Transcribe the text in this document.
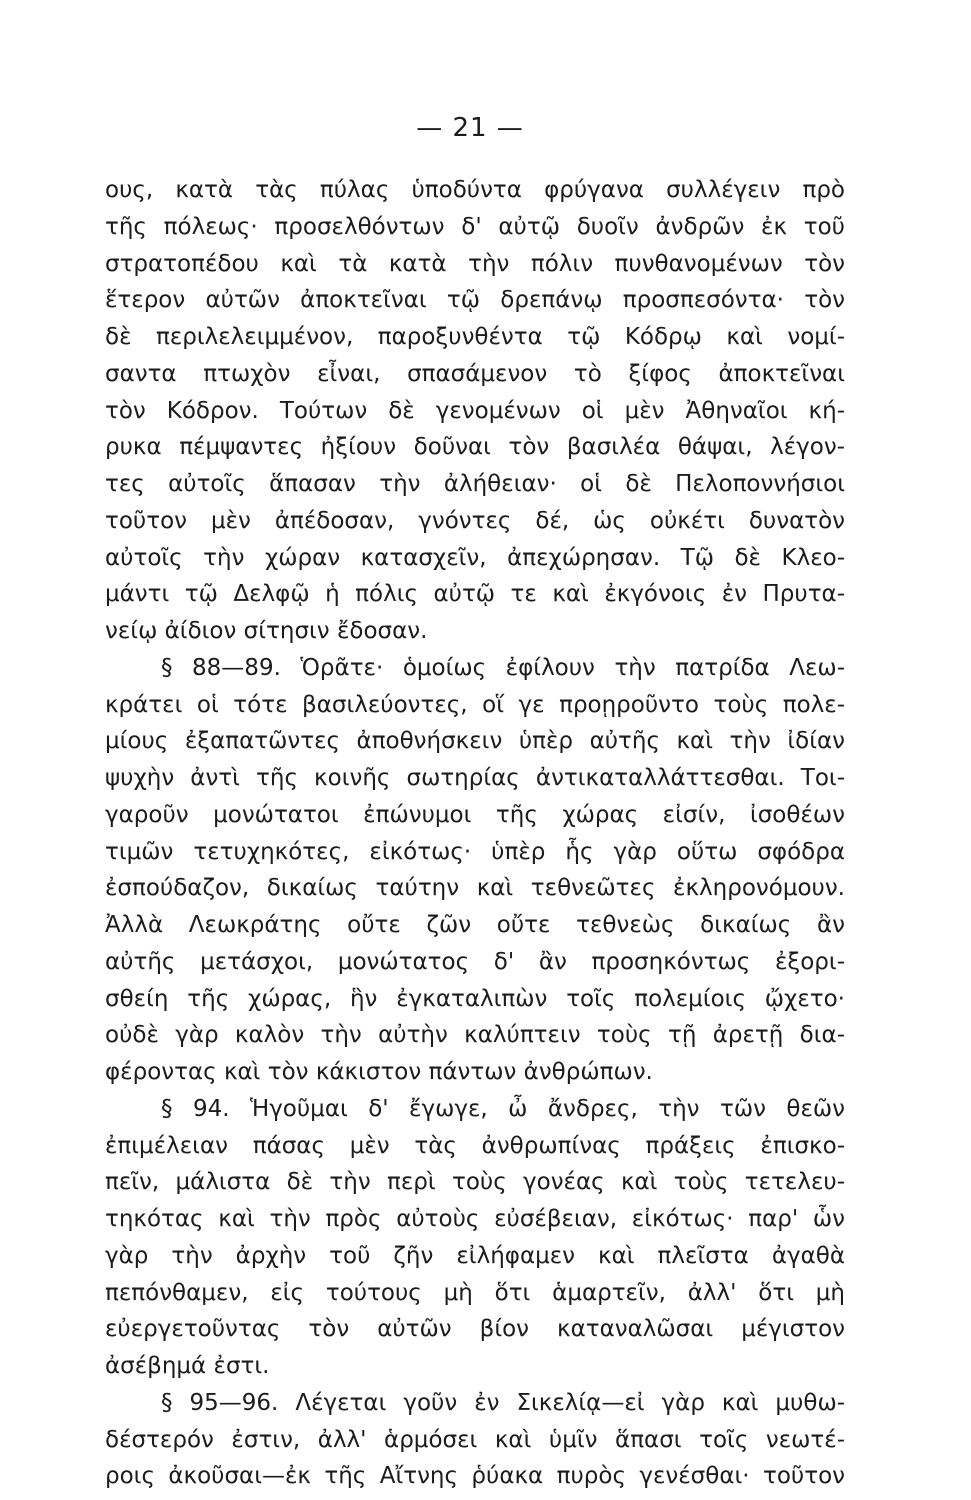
— 21 —
ους, κατὰ τὰς πύλας ὑποδύντα φρύγανα συλλέγειν πρὸ
τῆς πόλεως· προσελθόντων δ' αὐτῷ δυοῖν ἀνδρῶν ἐκ τοῦ
στρατοπέδου καὶ τὰ κατὰ τὴν πόλιν πυνθανομένων τὸν
ἕτερον αὐτῶν ἀποκτεῖναι τῷ δρεπάνῳ προσπεσόντα· τὸν
δὲ περιλελειμμένον, παροξυνθέντα τῷ Κόδρῳ καὶ νομί-
σαντα πτωχὸν εἶναι, σπασάμενον τὸ ξίφος ἀποκτεῖναι
τὸν Κόδρον. Τούτων δὲ γενομένων οἱ μὲν Ἀθηναῖοι κή-
ρυκα πέμψαντες ἠξίουν δοῦναι τὸν βασιλέα θάψαι, λέγον-
τες αὐτοῖς ἅπασαν τὴν ἀλήθειαν· οἱ δὲ Πελοποννήσιοι
τοῦτον μὲν ἀπέδοσαν, γνόντες δέ, ὡς οὐκέτι δυνατὸν
αὐτοῖς τὴν χώραν κατασχεῖν, ἀπεχώρησαν. Τῷ δὲ Κλεο-
μάντι τῷ Δελφῷ ἡ πόλις αὐτῷ τε καὶ ἐκγόνοις ἐν Πρυτα-
νείῳ ἀίδιον σίτησιν ἔδοσαν.
§ 88—89. Ὁρᾶτε· ὁμοίως ἐφίλουν τὴν πατρίδα Λεω-
κράτει οἱ τότε βασιλεύοντες, οἵ γε προῃροῦντο τοὺς πολε-
μίους ἐξαπατῶντες ἀποθνήσκειν ὑπὲρ αὐτῆς καὶ τὴν ἰδίαν
ψυχὴν ἀντὶ τῆς κοινῆς σωτηρίας ἀντικαταλλάττεσθαι. Τοι-
γαροῦν μονώτατοι ἐπώνυμοι τῆς χώρας εἰσίν, ἰσοθέων
τιμῶν τετυχηκότες, εἰκότως· ὑπὲρ ἧς γὰρ οὕτω σφόδρα
ἐσπούδαζον, δικαίως ταύτην καὶ τεθνεῶτες ἐκληρονόμουν.
Ἀλλὰ Λεωκράτης οὔτε ζῶν οὔτε τεθνεὼς δικαίως ἂν
αὐτῆς μετάσχοι, μονώτατος δ' ἂν προσηκόντως ἐξορι-
σθείη τῆς χώρας, ἣν ἐγκαταλιπὼν τοῖς πολεμίοις ᾤχετο·
οὐδὲ γὰρ καλὸν τὴν αὐτὴν καλύπτειν τοὺς τῇ ἀρετῇ δια-
φέροντας καὶ τὸν κάκιστον πάντων ἀνθρώπων.
§ 94. Ἡγοῦμαι δ' ἔγωγε, ὦ ἄνδρες, τὴν τῶν θεῶν
ἐπιμέλειαν πάσας μὲν τὰς ἀνθρωπίνας πράξεις ἐπισκο-
πεῖν, μάλιστα δὲ τὴν περὶ τοὺς γονέας καὶ τοὺς τετελευ-
τηκότας καὶ τὴν πρὸς αὐτοὺς εὐσέβειαν, εἰκότως· παρ' ὧν
γὰρ τὴν ἀρχὴν τοῦ ζῆν εἰλήφαμεν καὶ πλεῖστα ἀγαθὰ
πεπόνθαμεν, εἰς τούτους μὴ ὅτι ἁμαρτεῖν, ἀλλ' ὅτι μὴ
εὐεργετοῦντας τὸν αὐτῶν βίον καταναλῶσαι μέγιστον
ἀσέβημά ἐστι.
§ 95—96. Λέγεται γοῦν ἐν Σικελίᾳ—εἰ γὰρ καὶ μυθω-
δέστερόν ἐστιν, ἀλλ' ἁρμόσει καὶ ὑμῖν ἅπασι τοῖς νεωτέ-
ροις ἀκοῦσαι—ἐκ τῆς Αἴτνης ῥύακα πυρὸς γενέσθαι· τοῦτον
